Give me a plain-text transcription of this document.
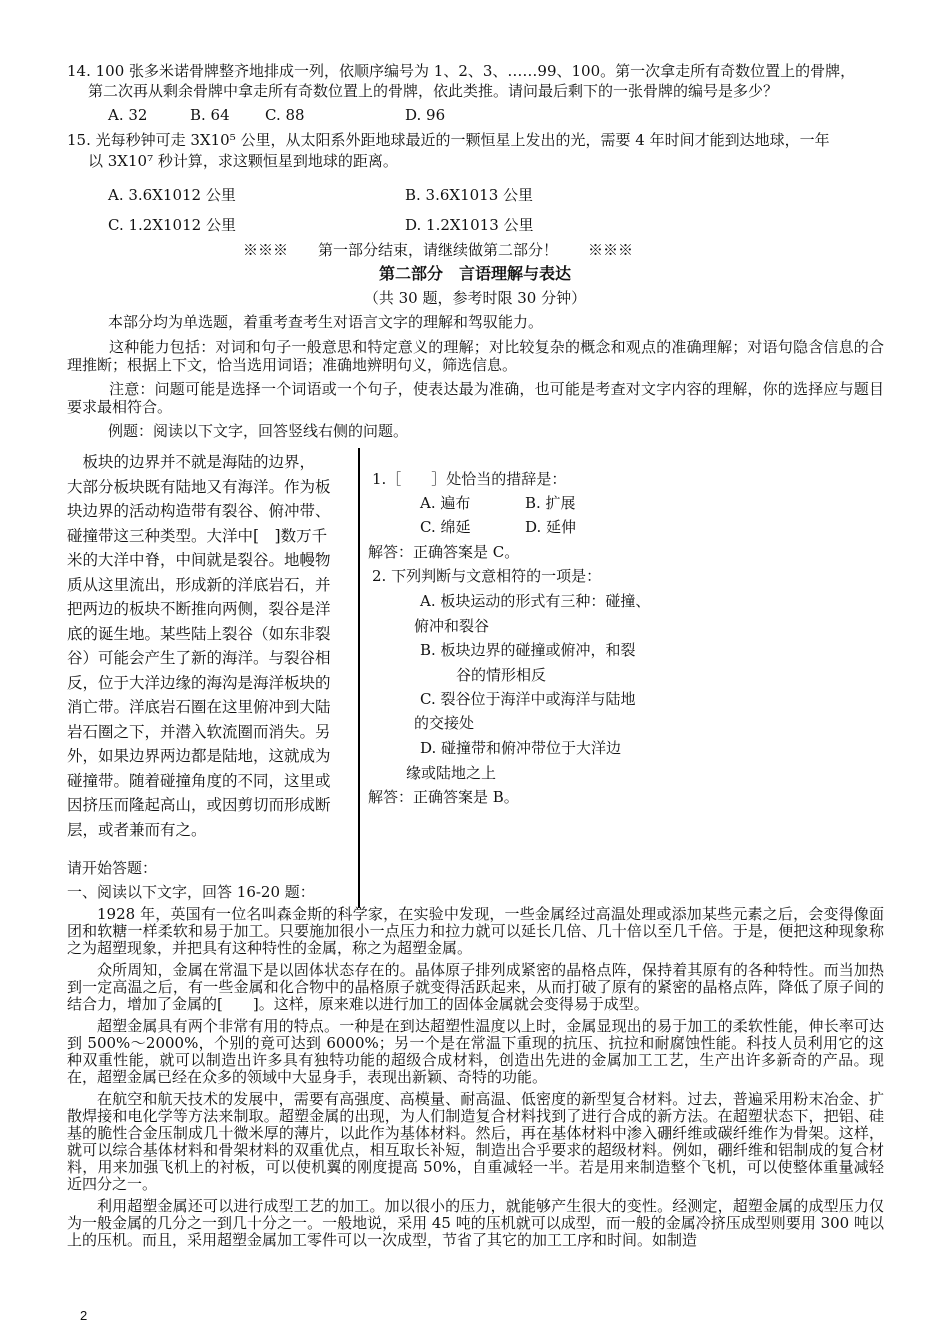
14. 100 张多米诺骨牌整齐地排成一列，依顺序编号为 1、2、3、……99、100。第一次拿走所有奇数位置上的骨牌，
第二次再从剩余骨牌中拿走所有奇数位置上的骨牌，依此类推。请问最后剩下的一张骨牌的编号是多少？
A. 32	B. 64 C. 88	D. 96
15. 光每秒钟可走 3X10⁵ 公里，从太阳系外距地球最近的一颗恒星上发出的光，需要 4 年时间才能到达地球，一年
以 3X10⁷ 秒计算，求这颗恒星到地球的距离。
A. 3.6X1012 公里	B. 3.6X1013 公里
C. 1.2X1012 公里	D. 1.2X1013 公里
※※※　　第一部分结束，请继续做第二部分！　　※※※
第二部分　言语理解与表达
（共 30 题，参考时限 30 分钟）
本部分均为单选题，着重考查考生对语言文字的理解和驾驭能力。
这种能力包括：对词和句子一般意思和特定意义的理解；对比较复杂的概念和观点的准确理解；对语句隐含信息的合理推断；根据上下文，恰当选用词语；准确地辨明句义，筛选信息。
注意：问题可能是选择一个词语或一个句子，使表达最为准确，也可能是考查对文字内容的理解，你的选择应与题目要求最相符合。
例题：阅读以下文字，回答竖线右侧的问题。
　板块的边界并不就是海陆的边界，
大部分板块既有陆地又有海洋。作为板
块边界的活动构造带有裂谷、俯冲带、
碰撞带这三种类型。大洋中[　]数万千
米的大洋中脊，中间就是裂谷。地幔物
质从这里流出，形成新的洋底岩石，并
把两边的板块不断推向两侧，裂谷是洋
底的诞生地。某些陆上裂谷（如东非裂
谷）可能会产生了新的海洋。与裂谷相
反，位于大洋边缘的海沟是海洋板块的
消亡带。洋底岩石圈在这里俯冲到大陆
岩石圈之下，并潜入软流圈而消失。另
外，如果边界两边都是陆地，这就成为
碰撞带。随着碰撞角度的不同，这里或
因挤压而隆起高山，或因剪切而形成断
层，或者兼而有之。
1.［　　］处恰当的措辞是：
A. 遍布	B. 扩展
C. 绵延	D. 延伸
解答：正确答案是 C。
2. 下列判断与文意相符的一项是：
A. 板块运动的形式有三种：碰撞、
俯冲和裂谷
B. 板块边界的碰撞或俯冲，和裂
谷的情形相反
C. 裂谷位于海洋中或海洋与陆地
的交接处
D. 碰撞带和俯冲带位于大洋边
缘或陆地之上
解答：正确答案是 B。
请开始答题：
一、阅读以下文字，回答 16-20 题：

1928 年，英国有一位名叫森金斯的科学家，在实验中发现，一些金属经过高温处理或添加某些元素之后，会变得像面团和软糖一样柔软和易于加工。只要施加很小一点压力和拉力就可以延长几倍、几十倍以至几千倍。于是，便把这种现象称之为超塑现象，并把具有这种特性的金属，称之为超塑金属。

众所周知，金属在常温下是以固体状态存在的。晶体原子排列成紧密的晶格点阵，保持着其原有的各种特性。而当加热到一定高温之后，有一些金属和化合物中的晶格原子就变得活跃起来，从而打破了原有的紧密的晶格点阵，降低了原子间的结合力，增加了金属的[　　]。这样，原来难以进行加工的固体金属就会变得易于成型。

超塑金属具有两个非常有用的特点。一种是在到达超塑性温度以上时，金属显现出的易于加工的柔软性能，伸长率可达到 500%～2000%，个别的竟可达到 6000%；另一个是在常温下重现的抗压、抗拉和耐腐蚀性能。科技人员利用它的这种双重性能，就可以制造出许多具有独特功能的超级合成材料，创造出先进的金属加工工艺，生产出许多新奇的产品。现在，超塑金属已经在众多的领域中大显身手，表现出新颖、奇特的功能。

在航空和航天技术的发展中，需要有高强度、高模量、耐高温、低密度的新型复合材料。过去，普遍采用粉末冶金、扩散焊接和电化学等方法来制取。超塑金属的出现，为人们制造复合材料找到了进行合成的新方法。在超塑状态下，把铝、硅基的脆性合金压制成几十微米厚的薄片，以此作为基体材料。然后，再在基体材料中渗入硼纤维或碳纤维作为骨架。这样，就可以综合基体材料和骨架材料的双重优点，相互取长补短，制造出合乎要求的超级材料。例如，硼纤维和铝制成的复合材料，用来加强飞机上的衬板，可以使机翼的刚度提高 50%，自重减轻一半。若是用来制造整个飞机，可以使整体重量减轻近四分之一。

利用超塑金属还可以进行成型工艺的加工。加以很小的压力，就能够产生很大的变性。经测定，超塑金属的成型压力仅为一般金属的几分之一到几十分之一。一般地说，采用 45 吨的压机就可以成型，而一般的金属冷挤压成型则要用 300 吨以上的压机。而且，采用超塑金属加工零件可以一次成型，节省了其它的加工工序和时间。如制造

2
